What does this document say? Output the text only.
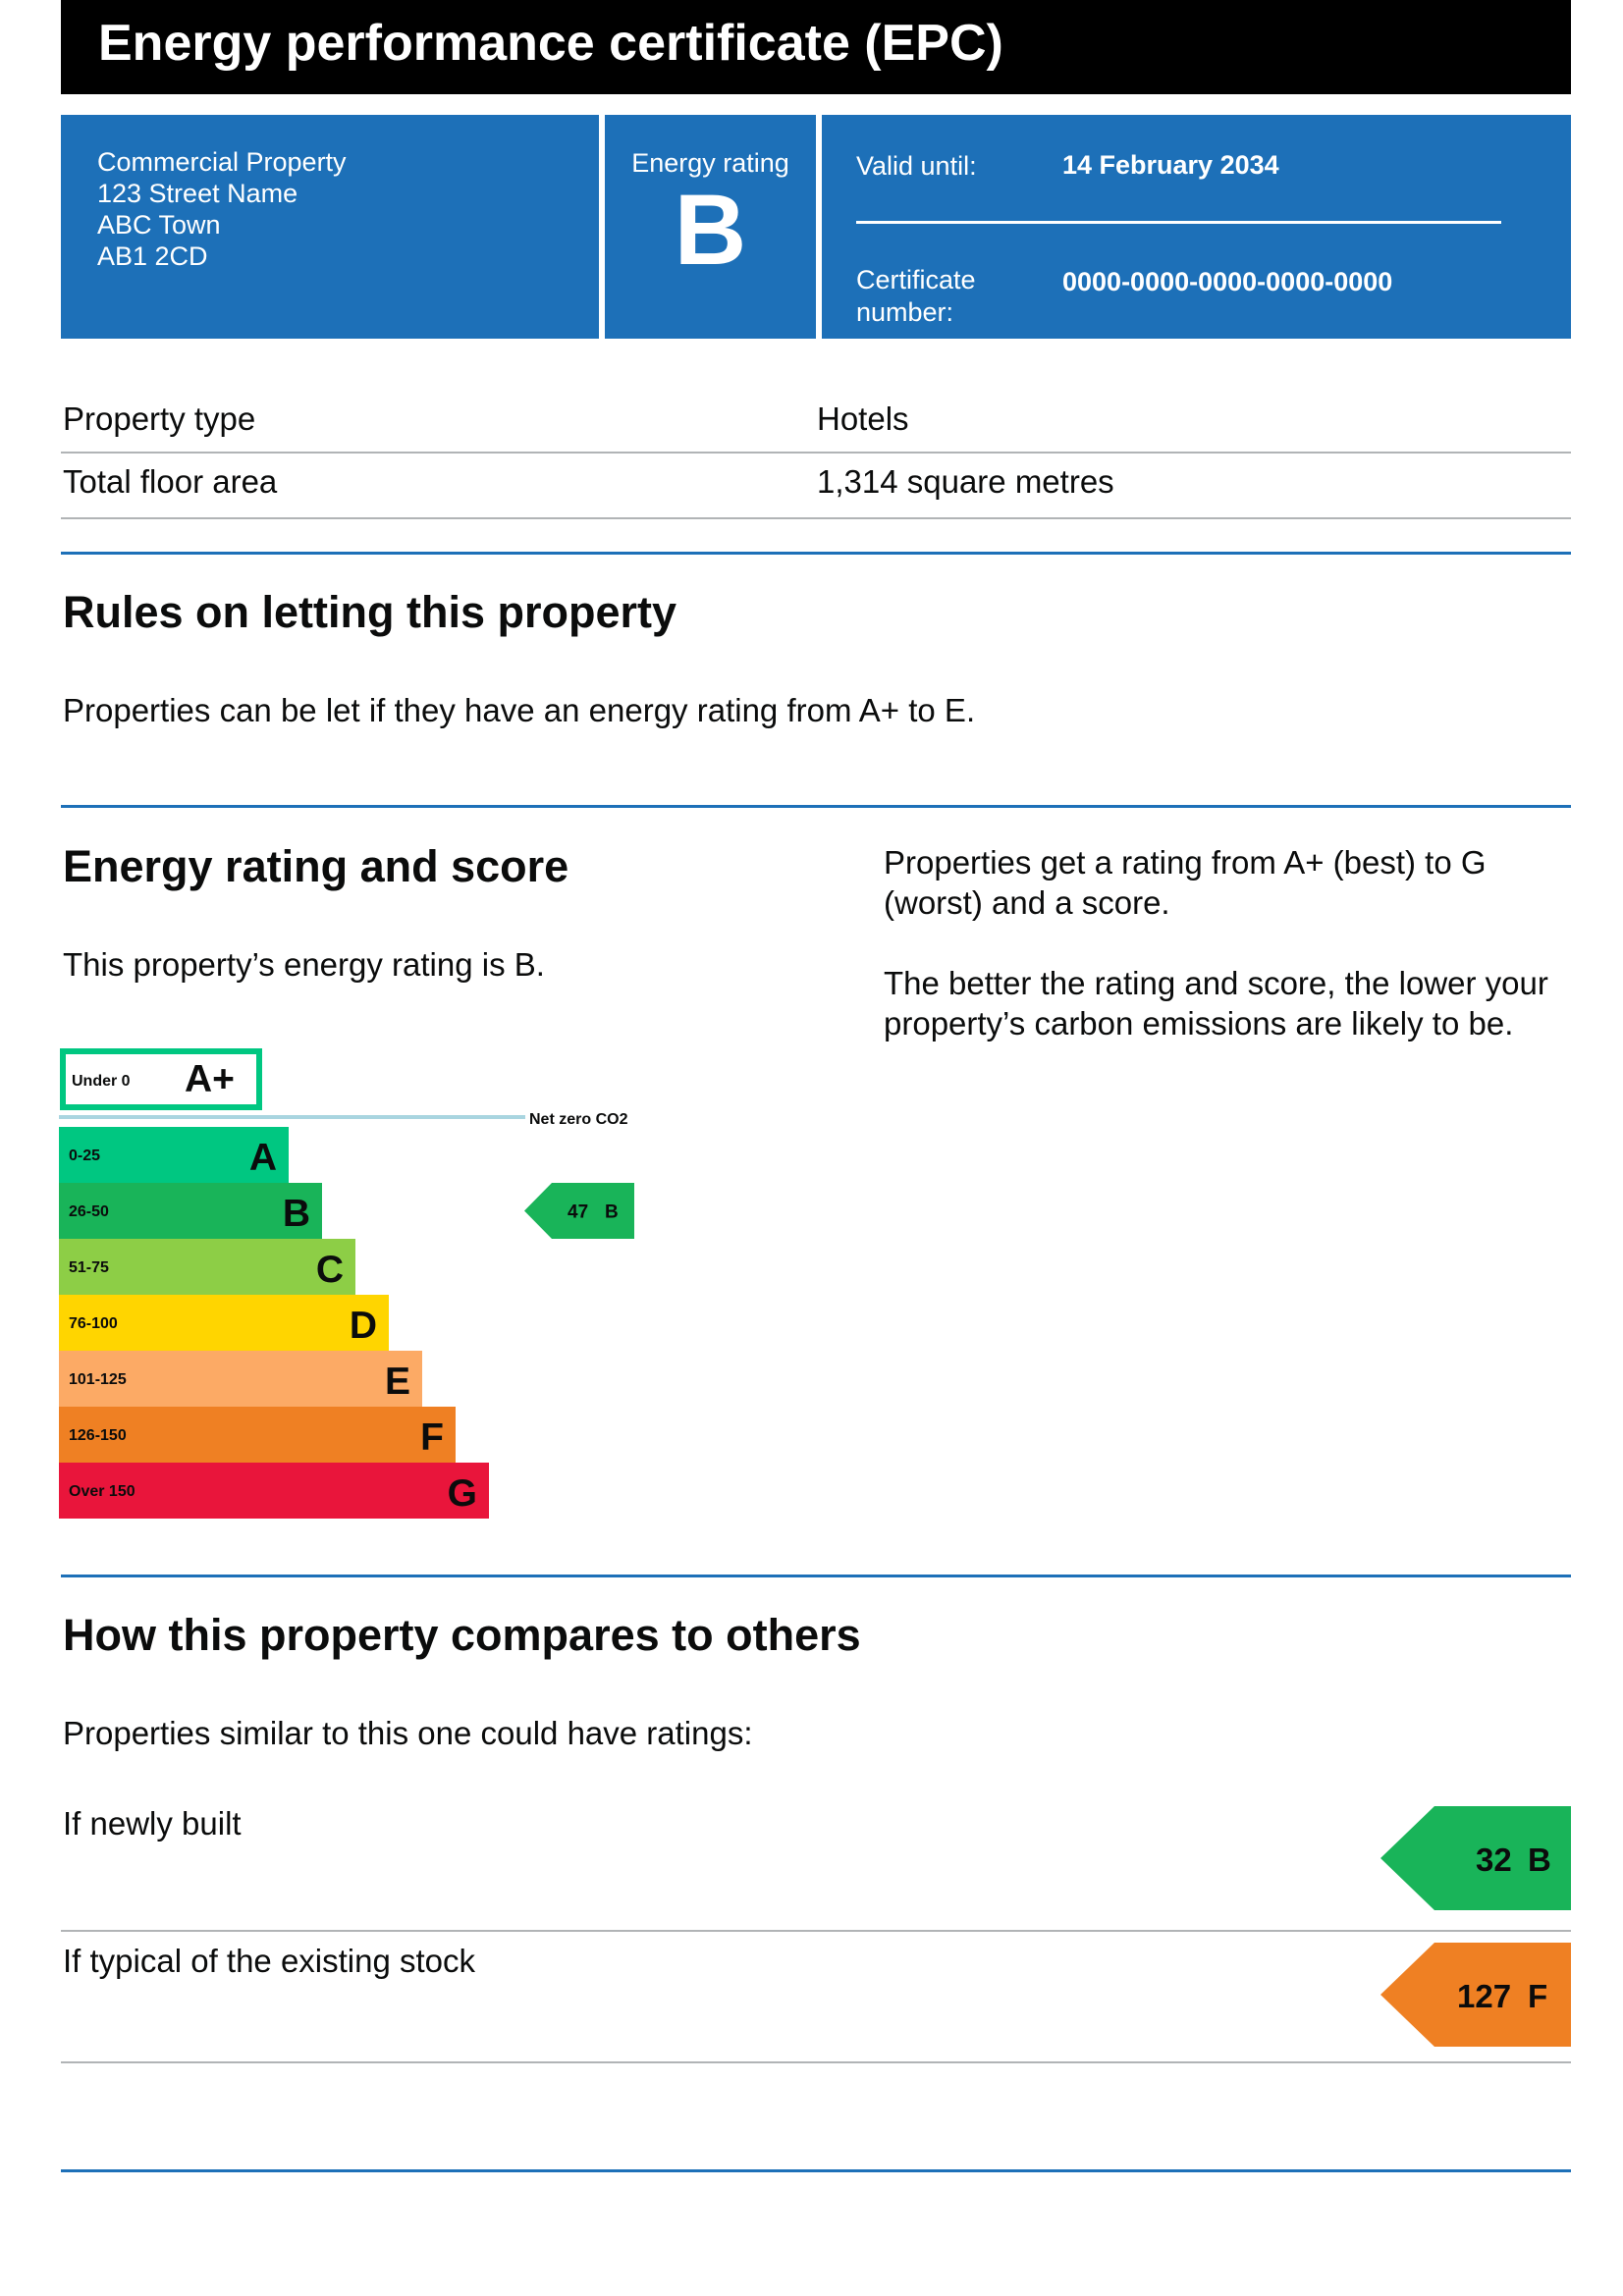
Energy performance certificate (EPC)
Commercial Property
123 Street Name
ABC Town
AB1 2CD
Energy rating
B
Valid until:	14 February 2034
Certificate
number:
0000-0000-0000-0000-0000
Property type	Hotels
Total floor area	1,314 square metres
Rules on letting this property

Properties can be let if they have an energy rating from A+ to E.

Energy rating and score

This property’s energy rating is B.

Properties get a rating from A+ (best) to G (worst) and a score.

The better the rating and score, the lower your property’s carbon emissions are likely to be.

Under 0 A+
Net zero CO2
0-25	A
26-50	B
51-75	C
76-100	D
101-125	E
126-150	F
Over 150	G
47 B
How this property compares to others

Properties similar to this one could have ratings:

If newly built
32 B
If typical of the existing stock
127 F
